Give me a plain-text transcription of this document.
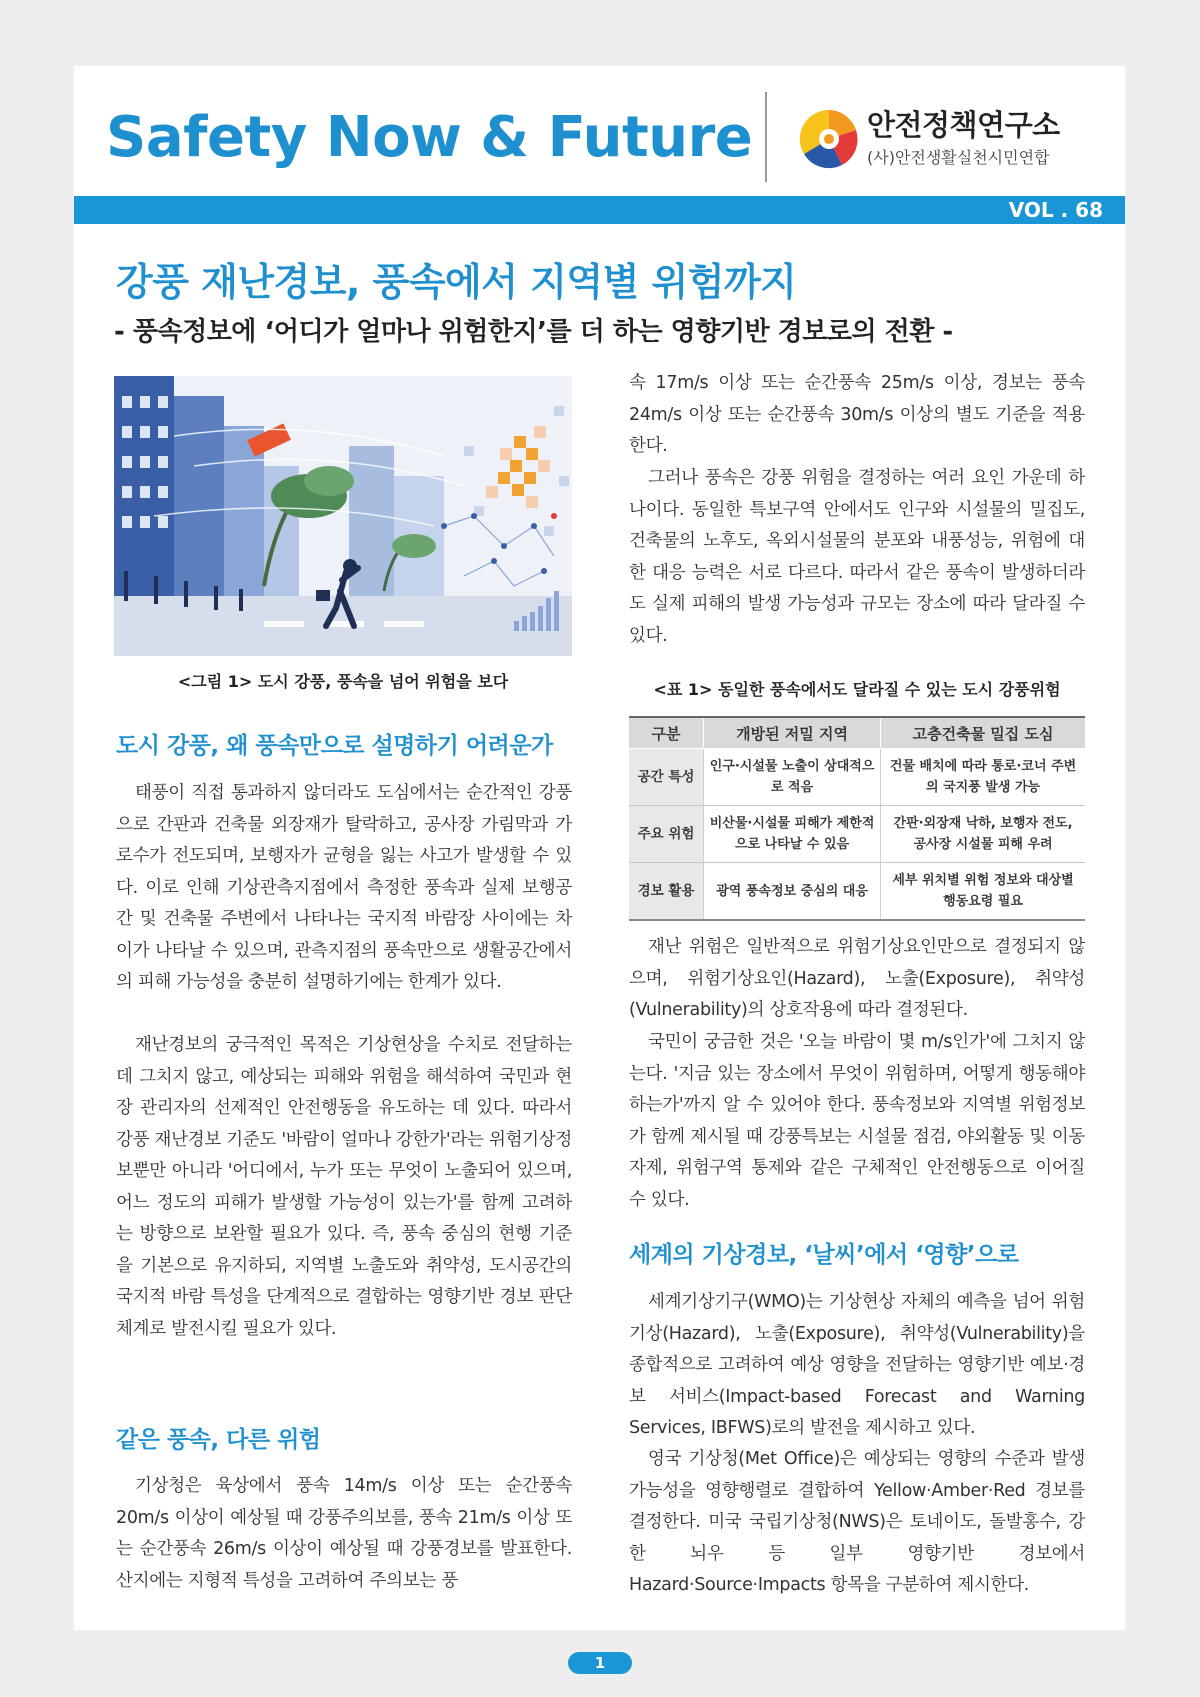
Safety Now & Future	안전정책연구소
(사)안전생활실천시민연합
VOL . 68
강풍 재난경보, 풍속에서 지역별 위험까지
- 풍속정보에 ‘어디가 얼마나 위험한지’를 더 하는 영향기반 경보로의 전환 -
<그림 1> 도시 강풍, 풍속을 넘어 위험을 보다
도시 강풍, 왜 풍속만으로 설명하기 어려운가

태풍이 직접 통과하지 않더라도 도심에서는 순간적인 강풍으로 간판과 건축물 외장재가 탈락하고, 공사장 가림막과 가로수가 전도되며, 보행자가 균형을 잃는 사고가 발생할 수 있다. 이로 인해 기상관측지점에서 측정한 풍속과 실제 보행공간 및 건축물 주변에서 나타나는 국지적 바람장 사이에는 차이가 나타날 수 있으며, 관측지점의 풍속만으로 생활공간에서의 피해 가능성을 충분히 설명하기에는 한계가 있다.

재난경보의 궁극적인 목적은 기상현상을 수치로 전달하는 데 그치지 않고, 예상되는 피해와 위험을 해석하여 국민과 현장 관리자의 선제적인 안전행동을 유도하는 데 있다. 따라서 강풍 재난경보 기준도 '바람이 얼마나 강한가'라는 위험기상정보뿐만 아니라 '어디에서, 누가 또는 무엇이 노출되어 있으며, 어느 정도의 피해가 발생할 가능성이 있는가'를 함께 고려하는 방향으로 보완할 필요가 있다. 즉, 풍속 중심의 현행 기준을 기본으로 유지하되, 지역별 노출도와 취약성, 도시공간의 국지적 바람 특성을 단계적으로 결합하는 영향기반 경보 판단체계로 발전시킬 필요가 있다.

같은 풍속, 다른 위험

기상청은 육상에서 풍속 14m/s 이상 또는 순간풍속 20m/s 이상이 예상될 때 강풍주의보를, 풍속 21m/s 이상 또는 순간풍속 26m/s 이상이 예상될 때 강풍경보를 발표한다. 산지에는 지형적 특성을 고려하여 주의보는 풍

속 17m/s 이상 또는 순간풍속 25m/s 이상, 경보는 풍속 24m/s 이상 또는 순간풍속 30m/s 이상의 별도 기준을 적용한다.

그러나 풍속은 강풍 위험을 결정하는 여러 요인 가운데 하나이다. 동일한 특보구역 안에서도 인구와 시설물의 밀집도, 건축물의 노후도, 옥외시설물의 분포와 내풍성능, 위험에 대한 대응 능력은 서로 다르다. 따라서 같은 풍속이 발생하더라도 실제 피해의 발생 가능성과 규모는 장소에 따라 달라질 수 있다.

<표 1> 동일한 풍속에서도 달라질 수 있는 도시 강풍위험
구분	개방된 저밀 지역	고층건축물 밀집 도심
공간 특성	인구·시설물 노출이 상대적으로 적음	건물 배치에 따라 통로·코너 주변의 국지풍 발생 가능
주요 위험	비산물·시설물 피해가 제한적으로 나타날 수 있음	간판·외장재 낙하, 보행자 전도, 공사장 시설물 피해 우려
경보 활용	광역 풍속정보 중심의 대응	세부 위치별 위험 정보와 대상별 행동요령 필요

재난 위험은 일반적으로 위험기상요인만으로 결정되지 않으며, 위험기상요인(Hazard), 노출(Exposure), 취약성(Vulnerability)의 상호작용에 따라 결정된다.

국민이 궁금한 것은 '오늘 바람이 몇 m/s인가'에 그치지 않는다. '지금 있는 장소에서 무엇이 위험하며, 어떻게 행동해야 하는가'까지 알 수 있어야 한다. 풍속정보와 지역별 위험정보가 함께 제시될 때 강풍특보는 시설물 점검, 야외활동 및 이동 자제, 위험구역 통제와 같은 구체적인 안전행동으로 이어질 수 있다.

세계의 기상경보, ‘날씨’에서 ‘영향’으로

세계기상기구(WMO)는 기상현상 자체의 예측을 넘어 위험기상(Hazard), 노출(Exposure), 취약성(Vulnerability)을 종합적으로 고려하여 예상 영향을 전달하는 영향기반 예보·경보 서비스(Impact-based Forecast and Warning Services, IBFWS)로의 발전을 제시하고 있다.

영국 기상청(Met Office)은 예상되는 영향의 수준과 발생 가능성을 영향행렬로 결합하여 Yellow·Amber·Red 경보를 결정한다. 미국 국립기상청(NWS)은 토네이도, 돌발홍수, 강한 뇌우 등 일부 영향기반 경보에서 Hazard·Source·Impacts 항목을 구분하여 제시한다.

1
